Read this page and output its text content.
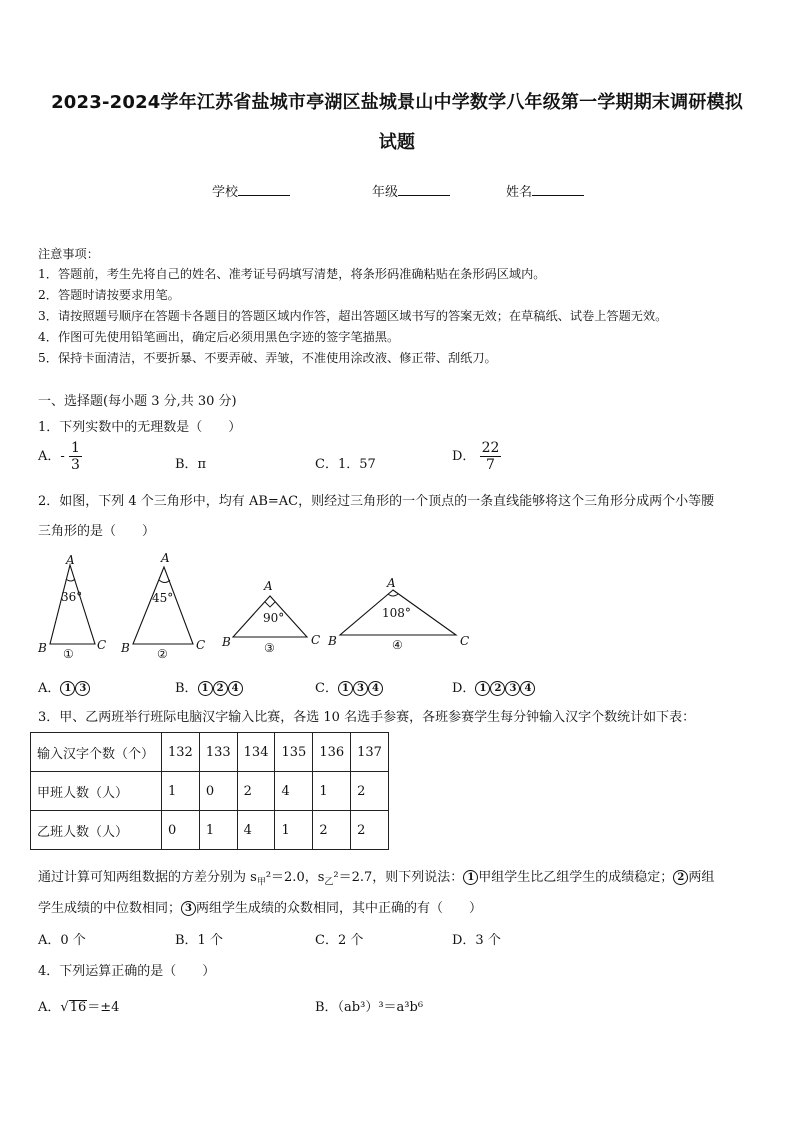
2023-2024学年江苏省盐城市亭湖区盐城景山中学数学八年级第一学期期末调研模拟
试题
学校	年级	姓名
注意事项：
1．答题前，考生先将自己的姓名、准考证号码填写清楚，将条形码准确粘贴在条形码区域内。
2．答题时请按要求用笔。
3．请按照题号顺序在答题卡各题目的答题区域内作答，超出答题区域书写的答案无效；在草稿纸、试卷上答题无效。
4．作图可先使用铅笔画出，确定后必须用黑色字迹的签字笔描黑。
5．保持卡面清洁，不要折暴、不要弄破、弄皱，不准使用涂改液、修正带、刮纸刀。
一、选择题(每小题 3 分,共 30 分)
1．下列实数中的无理数是（　　）
A．- $\frac{1}{3}$	B．π	C．1．57
D． $\frac{22}{7}$
2．如图，下列 4 个三角形中，均有 AB=AC，则经过三角形的一个顶点的一条直线能够将这个三角形分成两个小等腰
三角形的是（　　）
A
B	C
36°
①
A
B	C
45°
②
A
B	C
90°
③
A
B	C
108°
④
A． 1 3	B． 1 2 4	C． 1 3 4	D． 1 2 3 4
3．甲、乙两班举行班际电脑汉字输入比赛，各选 10 名选手参赛，各班参赛学生每分钟输入汉字个数统计如下表：
输入汉字个数（个）	132	133	134	135	136	137
甲班人数（人）	1	0	2	4	1	2
乙班人数（人）	0	1	4	1	2	2
通过计算可知两组数据的方差分别为 $s_甲^2=2.0$，$s_乙^2=2.7$，则下列说法： 1 甲组学生比乙组学生的成绩稳定； 2 两组
学生成绩的中位数相同； 3 两组学生成绩的众数相同，其中正确的有（　　）
A．0 个	B．1 个	C．2 个	D．3 个
4．下列运算正确的是（　　）
A．√16＝±4	B．（ab³）³＝a³b⁶
